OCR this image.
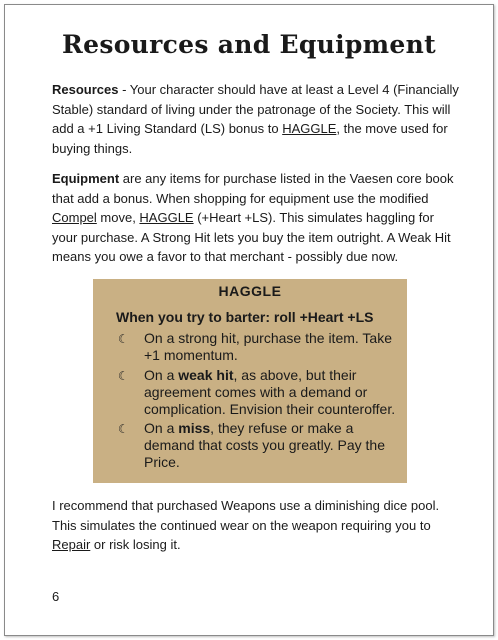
Resources and Equipment

Resources - Your character should have at least a Level 4 (Financially Stable) standard of living under the patronage of the Society. This will add a +1 Living Standard (LS) bonus to HAGGLE, the move used for buying things.

Equipment are any items for purchase listed in the Vaesen core book that add a bonus. When shopping for equipment use the modified Compel move, HAGGLE (+Heart +LS). This simulates haggling for your purchase. A Strong Hit lets you buy the item outright. A Weak Hit means you owe a favor to that merchant - possibly due now.

HAGGLE

When you try to barter: roll +Heart +LS

☾ On a strong hit, purchase the item. Take +1 momentum.
☾ On a weak hit, as above, but their agreement comes with a demand or complication. Envision their counteroffer.
☾ On a miss, they refuse or make a demand that costs you greatly. Pay the Price.

I recommend that purchased Weapons use a diminishing dice pool. This simulates the continued wear on the weapon requiring you to Repair or risk losing it.

6
